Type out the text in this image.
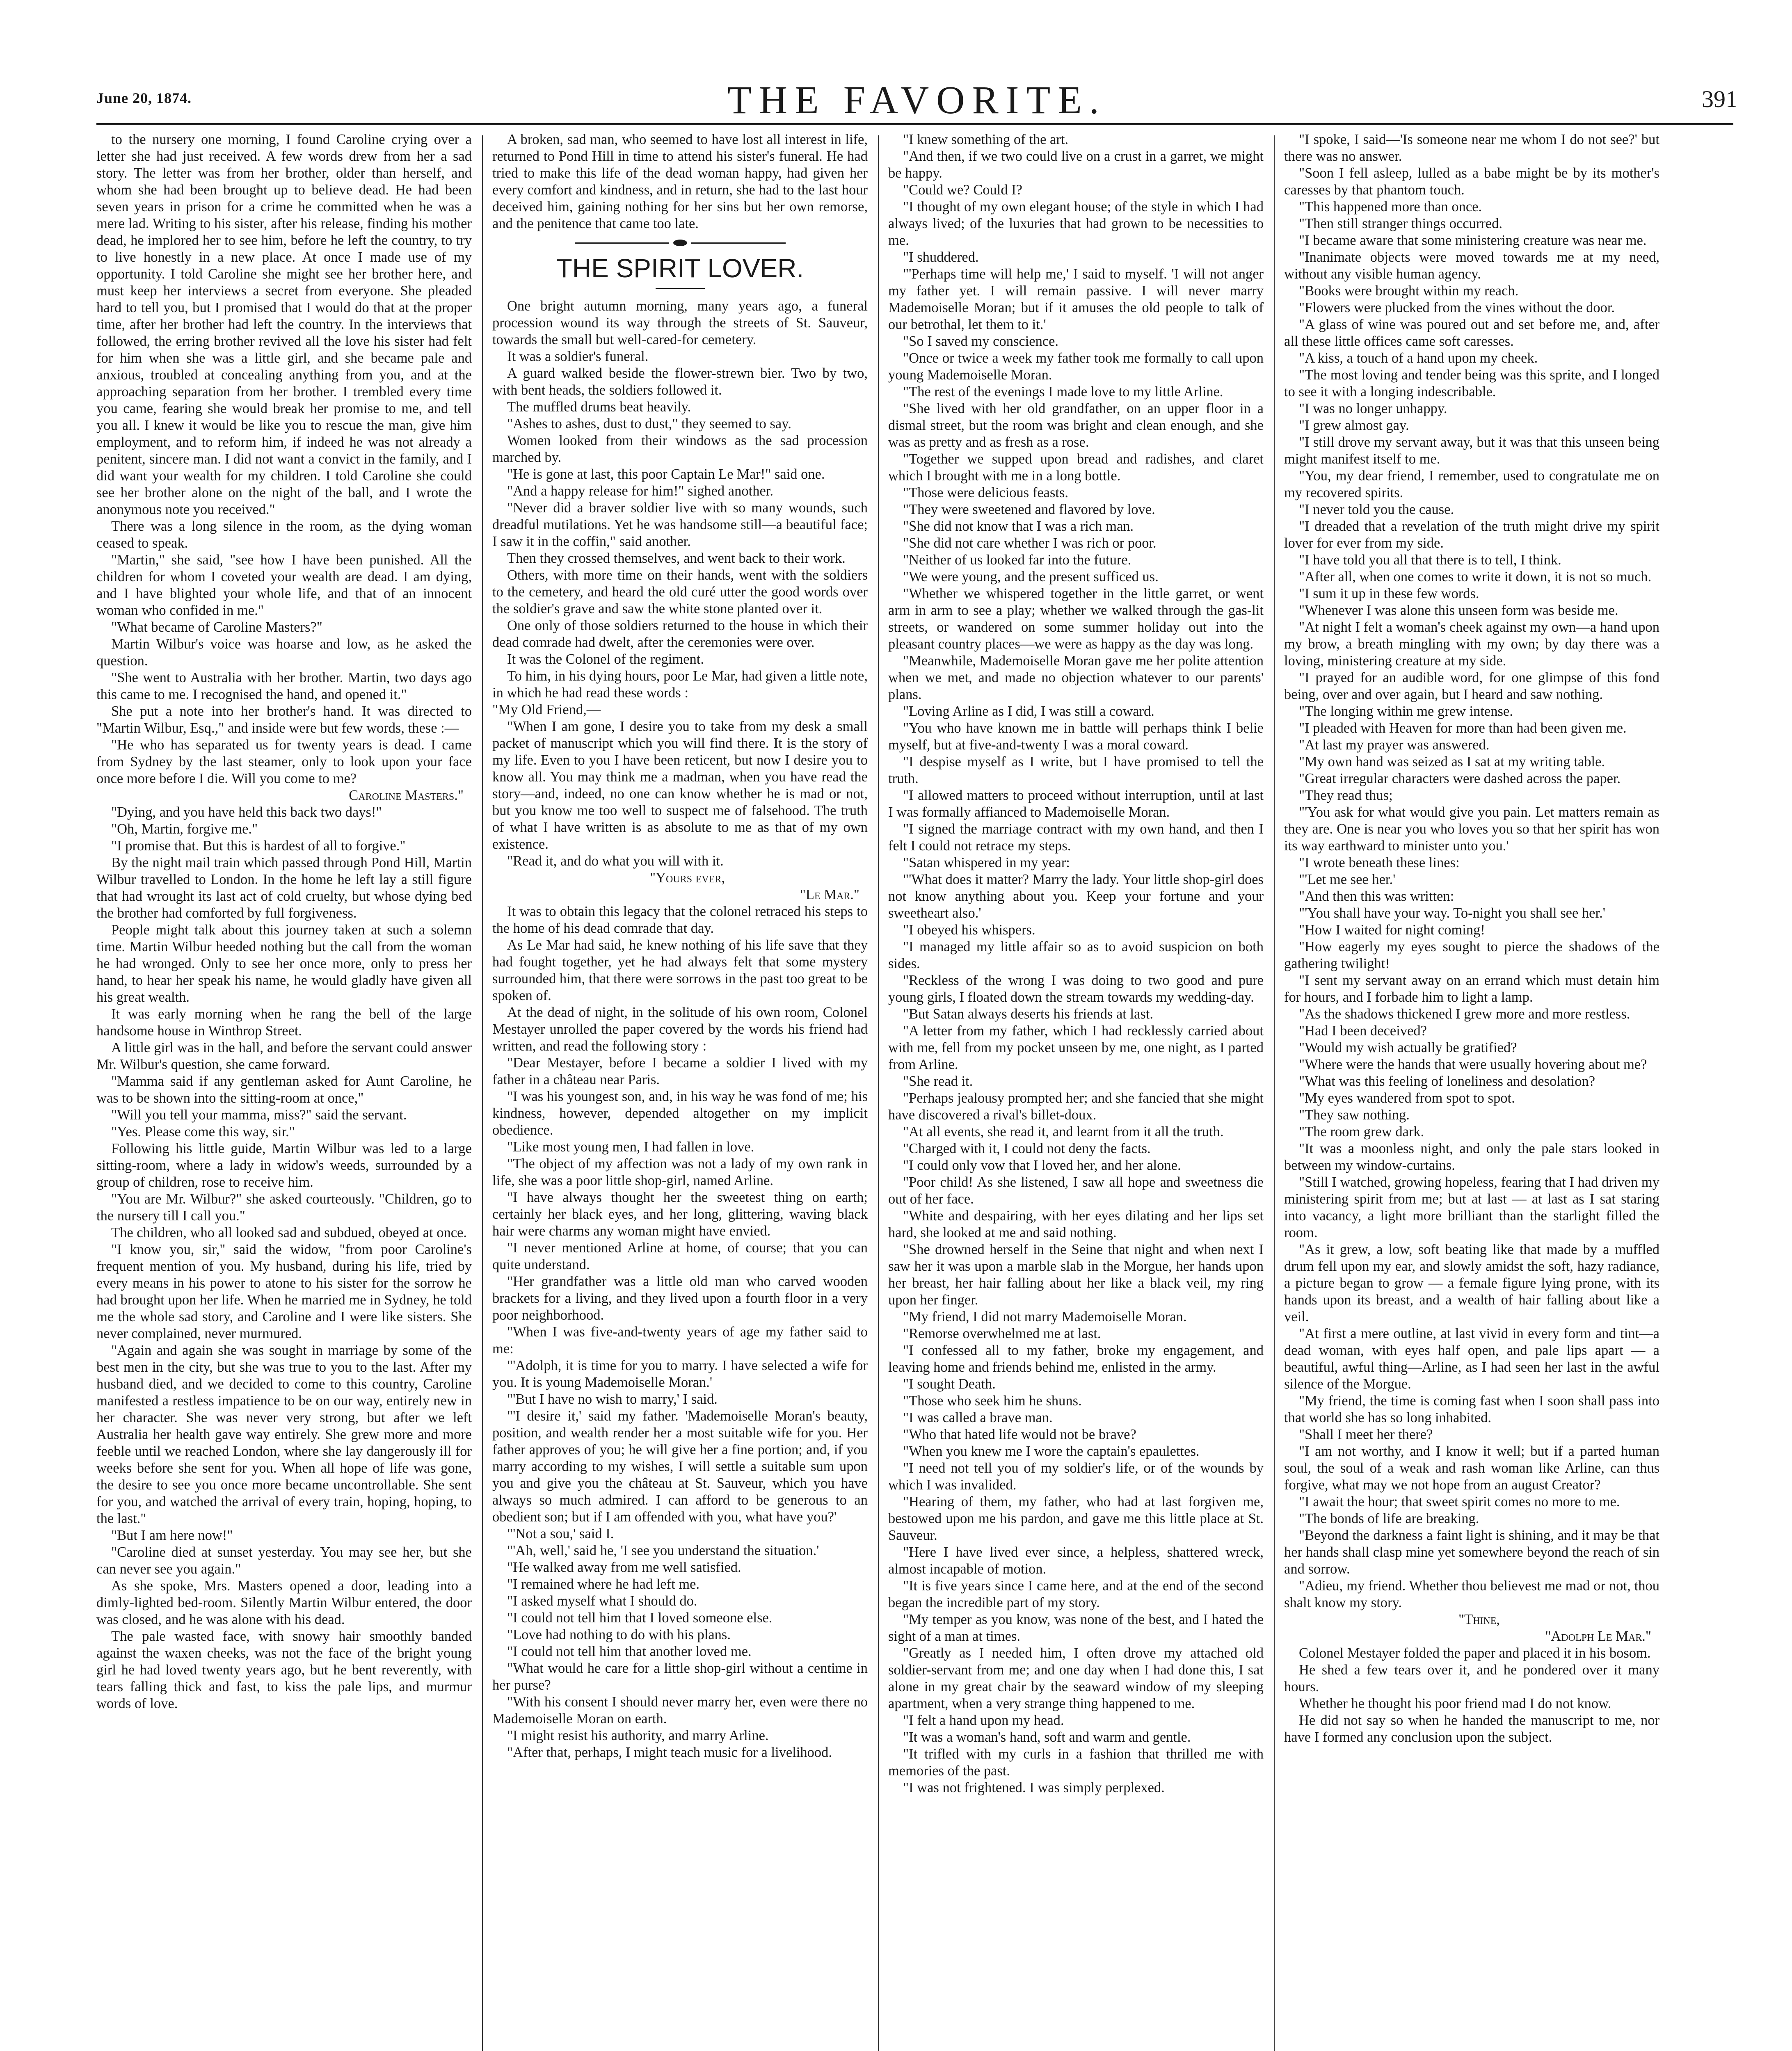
June 20, 1874.	THE FAVORITE.	391

to the nursery one morning, I found Caroline crying over a letter she had just received. A few words drew from her a sad story. The letter was from her brother, older than herself, and whom she had been brought up to believe dead. He had been seven years in prison for a crime he committed when he was a mere lad. Writing to his sister, after his release, finding his mother dead, he implored her to see him, before he left the country, to try to live honestly in a new place. At once I made use of my opportunity. I told Caroline she might see her brother here, and must keep her interviews a secret from everyone. She pleaded hard to tell you, but I promised that I would do that at the proper time, after her brother had left the country. In the interviews that followed, the erring brother revived all the love his sister had felt for him when she was a little girl, and she became pale and anxious, troubled at concealing anything from you, and at the approaching separation from her brother. I trembled every time you came, fearing she would break her promise to me, and tell you all. I knew it would be like you to rescue the man, give him employment, and to reform him, if indeed he was not already a penitent, sincere man. I did not want a convict in the family, and I did want your wealth for my children. I told Caroline she could see her brother alone on the night of the ball, and I wrote the anonymous note you received."

There was a long silence in the room, as the dying woman ceased to speak.

"Martin," she said, "see how I have been punished. All the children for whom I coveted your wealth are dead. I am dying, and I have blighted your whole life, and that of an innocent woman who confided in me."

"What became of Caroline Masters?"

Martin Wilbur's voice was hoarse and low, as he asked the question.

"She went to Australia with her brother. Martin, two days ago this came to me. I recognised the hand, and opened it."

She put a note into her brother's hand. It was directed to "Martin Wilbur, Esq.," and inside were but few words, these :—

"He who has separated us for twenty years is dead. I came from Sydney by the last steamer, only to look upon your face once more before I die. Will you come to me?

Caroline Masters."

"Dying, and you have held this back two days!"

"Oh, Martin, forgive me."

"I promise that. But this is hardest of all to forgive."

By the night mail train which passed through Pond Hill, Martin Wilbur travelled to London. In the home he left lay a still figure that had wrought its last act of cold cruelty, but whose dying bed the brother had comforted by full forgiveness.

People might talk about this journey taken at such a solemn time. Martin Wilbur heeded nothing but the call from the woman he had wronged. Only to see her once more, only to press her hand, to hear her speak his name, he would gladly have given all his great wealth.

It was early morning when he rang the bell of the large handsome house in Winthrop Street.

A little girl was in the hall, and before the servant could answer Mr. Wilbur's question, she came forward.

"Mamma said if any gentleman asked for Aunt Caroline, he was to be shown into the sitting-room at once,"

"Will you tell your mamma, miss?" said the servant.

"Yes. Please come this way, sir."

Following his little guide, Martin Wilbur was led to a large sitting-room, where a lady in widow's weeds, surrounded by a group of children, rose to receive him.

"You are Mr. Wilbur?" she asked courteously. "Children, go to the nursery till I call you."

The children, who all looked sad and subdued, obeyed at once.

"I know you, sir," said the widow, "from poor Caroline's frequent mention of you. My husband, during his life, tried by every means in his power to atone to his sister for the sorrow he had brought upon her life. When he married me in Sydney, he told me the whole sad story, and Caroline and I were like sisters. She never complained, never murmured.

"Again and again she was sought in marriage by some of the best men in the city, but she was true to you to the last. After my husband died, and we decided to come to this country, Caroline manifested a restless impatience to be on our way, entirely new in her character. She was never very strong, but after we left Australia her health gave way entirely. She grew more and more feeble until we reached London, where she lay dangerously ill for weeks before she sent for you. When all hope of life was gone, the desire to see you once more became uncontrollable. She sent for you, and watched the arrival of every train, hoping, hoping, to the last."

"But I am here now!"

"Caroline died at sunset yesterday. You may see her, but she can never see you again."

As she spoke, Mrs. Masters opened a door, leading into a dimly-lighted bed-room. Silently Martin Wilbur entered, the door was closed, and he was alone with his dead.

The pale wasted face, with snowy hair smoothly banded against the waxen cheeks, was not the face of the bright young girl he had loved twenty years ago, but he bent reverently, with tears falling thick and fast, to kiss the pale lips, and murmur words of love.

A broken, sad man, who seemed to have lost all interest in life, returned to Pond Hill in time to attend his sister's funeral. He had tried to make this life of the dead woman happy, had given her every comfort and kindness, and in return, she had to the last hour deceived him, gaining nothing for her sins but her own remorse, and the penitence that came too late.

THE SPIRIT LOVER.

One bright autumn morning, many years ago, a funeral procession wound its way through the streets of St. Sauveur, towards the small but well-cared-for cemetery.

It was a soldier's funeral.

A guard walked beside the flower-strewn bier. Two by two, with bent heads, the soldiers followed it.

The muffled drums beat heavily.

"Ashes to ashes, dust to dust," they seemed to say.

Women looked from their windows as the sad procession marched by.

"He is gone at last, this poor Captain Le Mar!" said one.

"And a happy release for him!" sighed another.

"Never did a braver soldier live with so many wounds, such dreadful mutilations. Yet he was handsome still—a beautiful face; I saw it in the coffin," said another.

Then they crossed themselves, and went back to their work.

Others, with more time on their hands, went with the soldiers to the cemetery, and heard the old curé utter the good words over the soldier's grave and saw the white stone planted over it.

One only of those soldiers returned to the house in which their dead comrade had dwelt, after the ceremonies were over.

It was the Colonel of the regiment.

To him, in his dying hours, poor Le Mar, had given a little note, in which he had read these words :

"My Old Friend,—

"When I am gone, I desire you to take from my desk a small packet of manuscript which you will find there. It is the story of my life. Even to you I have been reticent, but now I desire you to know all. You may think me a madman, when you have read the story—and, indeed, no one can know whether he is mad or not, but you know me too well to suspect me of falsehood. The truth of what I have written is as absolute to me as that of my own existence.

"Read it, and do what you will with it.

"Yours ever,

"Le Mar."

It was to obtain this legacy that the colonel retraced his steps to the home of his dead comrade that day.

As Le Mar had said, he knew nothing of his life save that they had fought together, yet he had always felt that some mystery surrounded him, that there were sorrows in the past too great to be spoken of.

At the dead of night, in the solitude of his own room, Colonel Mestayer unrolled the paper covered by the words his friend had written, and read the following story :

"Dear Mestayer, before I became a soldier I lived with my father in a château near Paris.

"I was his youngest son, and, in his way he was fond of me; his kindness, however, depended altogether on my implicit obedience.

"Like most young men, I had fallen in love.

"The object of my affection was not a lady of my own rank in life, she was a poor little shop-girl, named Arline.

"I have always thought her the sweetest thing on earth; certainly her black eyes, and her long, glittering, waving black hair were charms any woman might have envied.

"I never mentioned Arline at home, of course; that you can quite understand.

"Her grandfather was a little old man who carved wooden brackets for a living, and they lived upon a fourth floor in a very poor neighborhood.

"When I was five-and-twenty years of age my father said to me:

"'Adolph, it is time for you to marry. I have selected a wife for you. It is young Mademoiselle Moran.'

"'But I have no wish to marry,' I said.

"'I desire it,' said my father. 'Mademoiselle Moran's beauty, position, and wealth render her a most suitable wife for you. Her father approves of you; he will give her a fine portion; and, if you marry according to my wishes, I will settle a suitable sum upon you and give you the château at St. Sauveur, which you have always so much admired. I can afford to be generous to an obedient son; but if I am offended with you, what have you?'

"'Not a sou,' said I.

"'Ah, well,' said he, 'I see you understand the situation.'

"He walked away from me well satisfied.

"I remained where he had left me.

"I asked myself what I should do.

"I could not tell him that I loved someone else.

"Love had nothing to do with his plans.

"I could not tell him that another loved me.

"What would he care for a little shop-girl without a centime in her purse?

"With his consent I should never marry her, even were there no Mademoiselle Moran on earth.

"I might resist his authority, and marry Arline.

"After that, perhaps, I might teach music for a livelihood.

"I knew something of the art.

"And then, if we two could live on a crust in a garret, we might be happy.

"Could we? Could I?

"I thought of my own elegant house; of the style in which I had always lived; of the luxuries that had grown to be necessities to me.

"I shuddered.

"'Perhaps time will help me,' I said to myself. 'I will not anger my father yet. I will remain passive. I will never marry Mademoiselle Moran; but if it amuses the old people to talk of our betrothal, let them to it.'

"So I saved my conscience.

"Once or twice a week my father took me formally to call upon young Mademoiselle Moran.

"The rest of the evenings I made love to my little Arline.

"She lived with her old grandfather, on an upper floor in a dismal street, but the room was bright and clean enough, and she was as pretty and as fresh as a rose.

"Together we supped upon bread and radishes, and claret which I brought with me in a long bottle.

"Those were delicious feasts.

"They were sweetened and flavored by love.

"She did not know that I was a rich man.

"She did not care whether I was rich or poor.

"Neither of us looked far into the future.

"We were young, and the present sufficed us.

"Whether we whispered together in the little garret, or went arm in arm to see a play; whether we walked through the gas-lit streets, or wandered on some summer holiday out into the pleasant country places—we were as happy as the day was long.

"Meanwhile, Mademoiselle Moran gave me her polite attention when we met, and made no objection whatever to our parents' plans.

"Loving Arline as I did, I was still a coward.

"You who have known me in battle will perhaps think I belie myself, but at five-and-twenty I was a moral coward.

"I despise myself as I write, but I have promised to tell the truth.

"I allowed matters to proceed without interruption, until at last I was formally affianced to Mademoiselle Moran.

"I signed the marriage contract with my own hand, and then I felt I could not retrace my steps.

"Satan whispered in my year:

"'What does it matter? Marry the lady. Your little shop-girl does not know anything about you. Keep your fortune and your sweetheart also.'

"I obeyed his whispers.

"I managed my little affair so as to avoid suspicion on both sides.

"Reckless of the wrong I was doing to two good and pure young girls, I floated down the stream towards my wedding-day.

"But Satan always deserts his friends at last.

"A letter from my father, which I had recklessly carried about with me, fell from my pocket unseen by me, one night, as I parted from Arline.

"She read it.

"Perhaps jealousy prompted her; and she fancied that she might have discovered a rival's billet-doux.

"At all events, she read it, and learnt from it all the truth.

"Charged with it, I could not deny the facts.

"I could only vow that I loved her, and her alone.

"Poor child! As she listened, I saw all hope and sweetness die out of her face.

"White and despairing, with her eyes dilating and her lips set hard, she looked at me and said nothing.

"She drowned herself in the Seine that night and when next I saw her it was upon a marble slab in the Morgue, her hands upon her breast, her hair falling about her like a black veil, my ring upon her finger.

"My friend, I did not marry Mademoiselle Moran.

"Remorse overwhelmed me at last.

"I confessed all to my father, broke my engagement, and leaving home and friends behind me, enlisted in the army.

"I sought Death.

"Those who seek him he shuns.

"I was called a brave man.

"Who that hated life would not be brave?

"When you knew me I wore the captain's epaulettes.

"I need not tell you of my soldier's life, or of the wounds by which I was invalided.

"Hearing of them, my father, who had at last forgiven me, bestowed upon me his pardon, and gave me this little place at St. Sauveur.

"Here I have lived ever since, a helpless, shattered wreck, almost incapable of motion.

"It is five years since I came here, and at the end of the second began the incredible part of my story.

"My temper as you know, was none of the best, and I hated the sight of a man at times.

"Greatly as I needed him, I often drove my attached old soldier-servant from me; and one day when I had done this, I sat alone in my great chair by the seaward window of my sleeping apartment, when a very strange thing happened to me.

"I felt a hand upon my head.

"It was a woman's hand, soft and warm and gentle.

"It trifled with my curls in a fashion that thrilled me with memories of the past.

"I was not frightened. I was simply perplexed.

"I spoke, I said—'Is someone near me whom I do not see?' but there was no answer.

"Soon I fell asleep, lulled as a babe might be by its mother's caresses by that phantom touch.

"This happened more than once.

"Then still stranger things occurred.

"I became aware that some ministering creature was near me.

"Inanimate objects were moved towards me at my need, without any visible human agency.

"Books were brought within my reach.

"Flowers were plucked from the vines without the door.

"A glass of wine was poured out and set before me, and, after all these little offices came soft caresses.

"A kiss, a touch of a hand upon my cheek.

"The most loving and tender being was this sprite, and I longed to see it with a longing indescribable.

"I was no longer unhappy.

"I grew almost gay.

"I still drove my servant away, but it was that this unseen being might manifest itself to me.

"You, my dear friend, I remember, used to congratulate me on my recovered spirits.

"I never told you the cause.

"I dreaded that a revelation of the truth might drive my spirit lover for ever from my side.

"I have told you all that there is to tell, I think.

"After all, when one comes to write it down, it is not so much.

"I sum it up in these few words.

"Whenever I was alone this unseen form was beside me.

"At night I felt a woman's cheek against my own—a hand upon my brow, a breath mingling with my own; by day there was a loving, ministering creature at my side.

"I prayed for an audible word, for one glimpse of this fond being, over and over again, but I heard and saw nothing.

"The longing within me grew intense.

"I pleaded with Heaven for more than had been given me.

"At last my prayer was answered.

"My own hand was seized as I sat at my writing table.

"Great irregular characters were dashed across the paper.

"They read thus;

"'You ask for what would give you pain. Let matters remain as they are. One is near you who loves you so that her spirit has won its way earthward to minister unto you.'

"I wrote beneath these lines:

"'Let me see her.'

"And then this was written:

"'You shall have your way. To-night you shall see her.'

"How I waited for night coming!

"How eagerly my eyes sought to pierce the shadows of the gathering twilight!

"I sent my servant away on an errand which must detain him for hours, and I forbade him to light a lamp.

"As the shadows thickened I grew more and more restless.

"Had I been deceived?

"Would my wish actually be gratified?

"Where were the hands that were usually hovering about me?

"What was this feeling of loneliness and desolation?

"My eyes wandered from spot to spot.

"They saw nothing.

"The room grew dark.

"It was a moonless night, and only the pale stars looked in between my window-curtains.

"Still I watched, growing hopeless, fearing that I had driven my ministering spirit from me; but at last — at last as I sat staring into vacancy, a light more brilliant than the starlight filled the room.

"As it grew, a low, soft beating like that made by a muffled drum fell upon my ear, and slowly amidst the soft, hazy radiance, a picture began to grow — a female figure lying prone, with its hands upon its breast, and a wealth of hair falling about like a veil.

"At first a mere outline, at last vivid in every form and tint—a dead woman, with eyes half open, and pale lips apart — a beautiful, awful thing—Arline, as I had seen her last in the awful silence of the Morgue.

"My friend, the time is coming fast when I soon shall pass into that world she has so long inhabited.

"Shall I meet her there?

"I am not worthy, and I know it well; but if a parted human soul, the soul of a weak and rash woman like Arline, can thus forgive, what may we not hope from an august Creator?

"I await the hour; that sweet spirit comes no more to me.

"The bonds of life are breaking.

"Beyond the darkness a faint light is shining, and it may be that her hands shall clasp mine yet somewhere beyond the reach of sin and sorrow.

"Adieu, my friend. Whether thou believest me mad or not, thou shalt know my story.

"Thine,

"Adolph Le Mar."

Colonel Mestayer folded the paper and placed it in his bosom.

He shed a few tears over it, and he pondered over it many hours.

Whether he thought his poor friend mad I do not know.

He did not say so when he handed the manuscript to me, nor have I formed any conclusion upon the subject.
